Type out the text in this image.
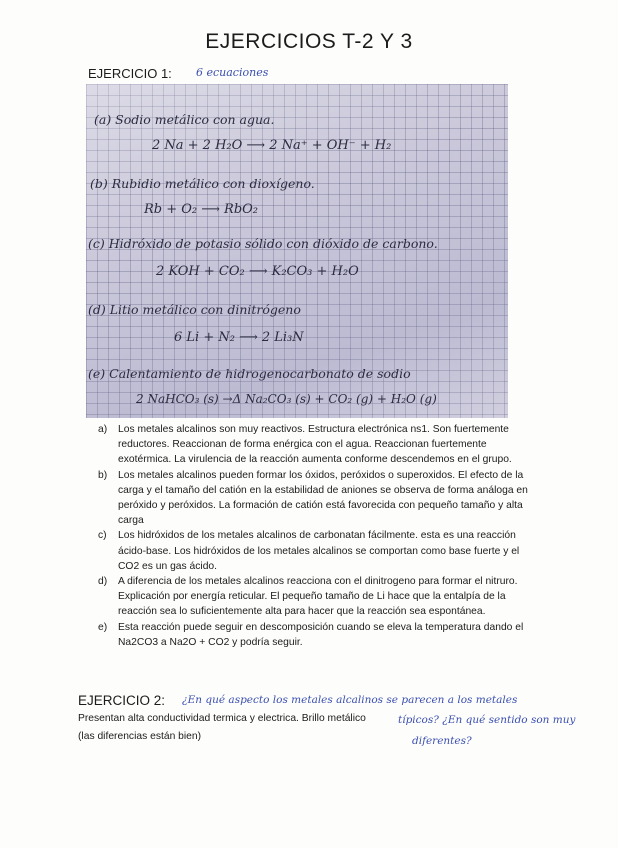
EJERCICIOS T-2 Y 3
EJERCICIO 1: 6 ecuaciones
(a) Sodio metálico con agua.
2 Na + 2 H₂O ⟶ 2 Na⁺ + OH⁻ + H₂
(b) Rubidio metálico con dioxígeno.
Rb + O₂ ⟶ RbO₂
(c) Hidróxido de potasio sólido con dióxido de carbono.
2 KOH + CO₂ ⟶ K₂CO₃ + H₂O
(d) Litio metálico con dinitrógeno
6 Li + N₂ ⟶ 2 Li₃N
(e) Calentamiento de hidrogenocarbonato de sodio
2 NaHCO₃ (s) →Δ Na₂CO₃ (s) + CO₂ (g) + H₂O (g)
a) Los metales alcalinos son muy reactivos. Estructura electrónica ns1. Son fuertemente reductores. Reaccionan de forma enérgica con el agua. Reaccionan fuertemente exotérmica. La virulencia de la reacción aumenta conforme descendemos en el grupo.
b) Los metales alcalinos pueden formar los óxidos, peróxidos o superoxidos. El efecto de la carga y el tamaño del catión en la estabilidad de aniones se observa de forma análoga en peróxido y peróxidos. La formación de catión está favorecida con pequeño tamaño y alta carga
c) Los hidróxidos de los metales alcalinos de carbonatan fácilmente. esta es una reacción ácido-base. Los hidróxidos de los metales alcalinos se comportan como base fuerte y el CO2 es un gas ácido.
d) A diferencia de los metales alcalinos reacciona con el dinitrogeno para formar el nitruro. Explicación por energía reticular. El pequeño tamaño de Li hace que la entalpía de la reacción sea lo suficientemente alta para hacer que la reacción sea espontánea.
e) Esta reacción puede seguir en descomposición cuando se eleva la temperatura dando el Na2CO3 a Na2O + CO2 y podría seguir.
EJERCICIO 2: ¿En qué aspecto los metales alcalinos se parecen a los metales
Presentan alta conductividad termica y electrica. Brillo metálico	típicos? ¿En qué sentido son muy
(las diferencias están bien)	diferentes?
